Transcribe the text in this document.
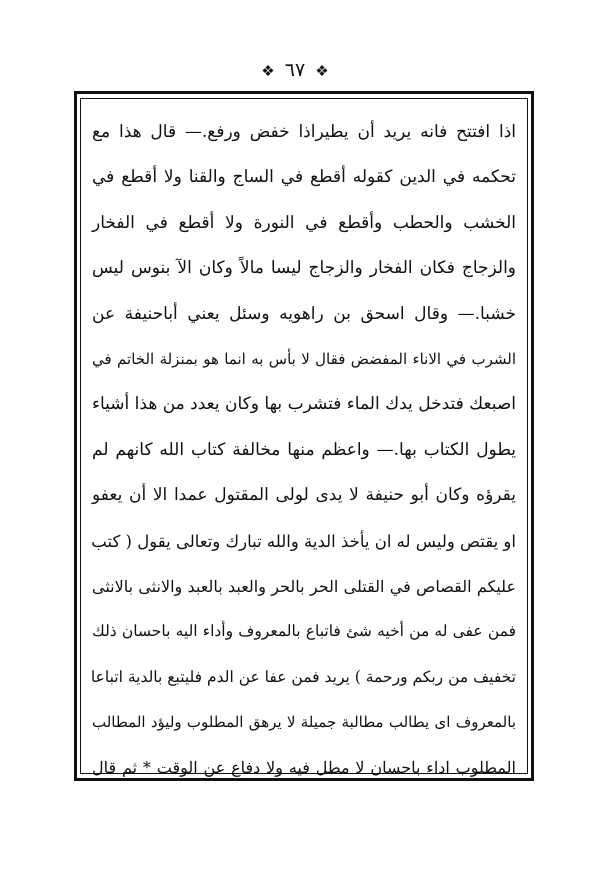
❖ ٦٧ ❖
اذا افتتح فانه يريد أن يطيراذا خفض ورفع.— قال هذا مع
تحكمه في الدين كقوله أقطع في الساج والقنا ولا أقطع في
الخشب والحطب وأقطع في النورة ولا أقطع في الفخار
والزجاج فكان الفخار والزجاج ليسا مالاً وكان الآ بنوس ليس
خشبا.— وقال اسحق بن راهويه وسئل يعني أباحنيفة عن
الشرب في الاناء المفضض فقال لا بأس به انما هو بمنزلة الخاتم في
اصبعك فتدخل يدك الماء فتشرب بها وكان يعدد من هذا أشياء
يطول الكتاب بها.— واعظم منها مخالفة كتاب الله كانهم لم
يقرؤه وكان أبو حنيفة لا يدى لولى المقتول عمدا الا أن يعفو
او يقتص وليس له ان يأخذ الدية والله تبارك وتعالى يقول ( كتب
عليكم القصاص في القتلى الحر بالحر والعبد بالعبد والانثى بالانثى
فمن عفى له من أخيه شئ فاتباع بالمعروف وأداء اليه باحسان ذلك
تخفيف من ربكم ورحمة ) يريد فمن عفا عن الدم فليتبع بالدية اتباعا
بالمعروف اى يطالب مطالبة جميلة لا يرهق المطلوب وليؤد المطالب
المطلوب اداء باحسان لا مطل فيه ولا دفاع عن الوقت * ثم قال
